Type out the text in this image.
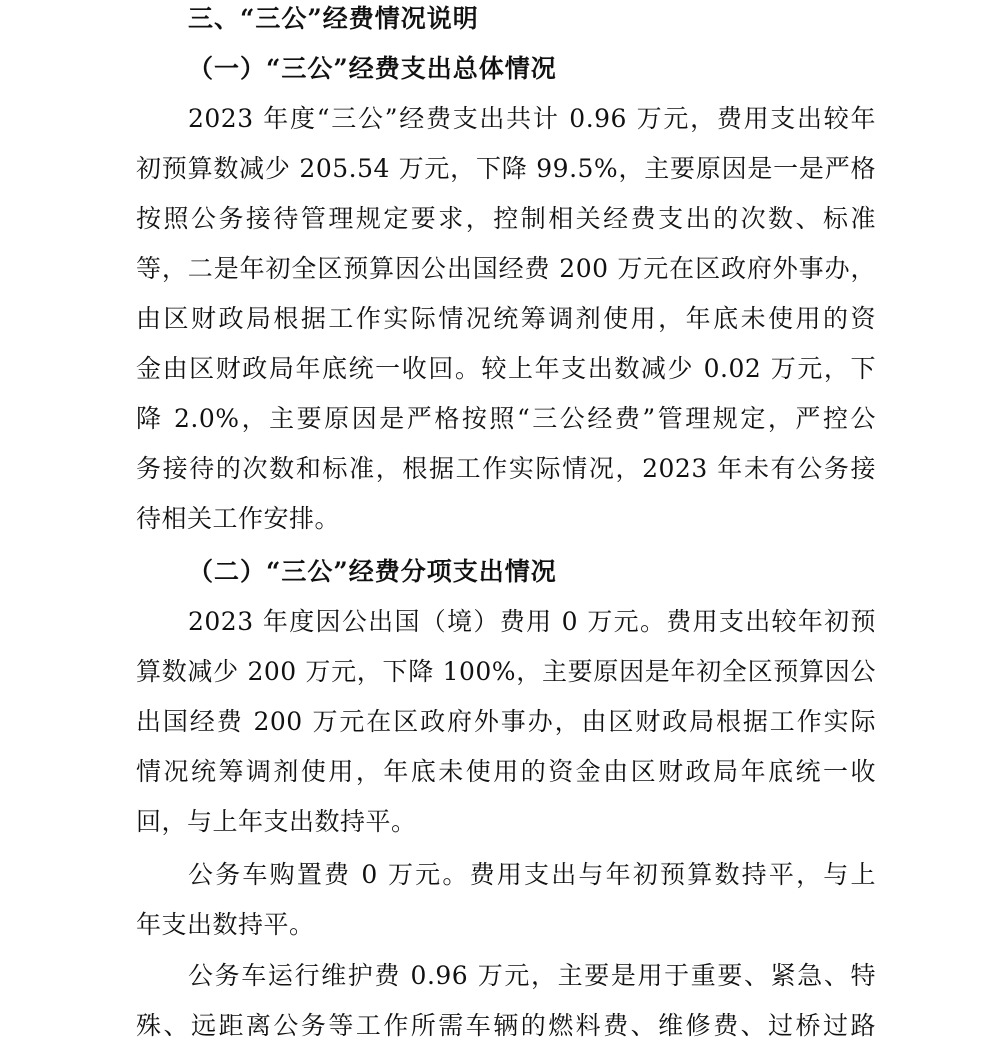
三、“三公”经费情况说明
（一）“三公”经费支出总体情况
2023 年度“三公”经费支出共计 0.96 万元，费用支出较年
初预算数减少 205.54 万元，下降 99.5%，主要原因是一是严格
按照公务接待管理规定要求，控制相关经费支出的次数、标准
等，二是年初全区预算因公出国经费 200 万元在区政府外事办，
由区财政局根据工作实际情况统筹调剂使用，年底未使用的资
金由区财政局年底统一收回。较上年支出数减少 0.02 万元，下
降 2.0%，主要原因是严格按照“三公经费”管理规定，严控公
务接待的次数和标准，根据工作实际情况，2023 年未有公务接
待相关工作安排。
（二）“三公”经费分项支出情况
2023 年度因公出国（境）费用 0 万元。费用支出较年初预
算数减少 200 万元，下降 100%，主要原因是年初全区预算因公
出国经费 200 万元在区政府外事办，由区财政局根据工作实际
情况统筹调剂使用，年底未使用的资金由区财政局年底统一收
回，与上年支出数持平。
公务车购置费 0 万元。费用支出与年初预算数持平，与上
年支出数持平。
公务车运行维护费 0.96 万元，主要是用于重要、紧急、特
殊、远距离公务等工作所需车辆的燃料费、维修费、过桥过路
